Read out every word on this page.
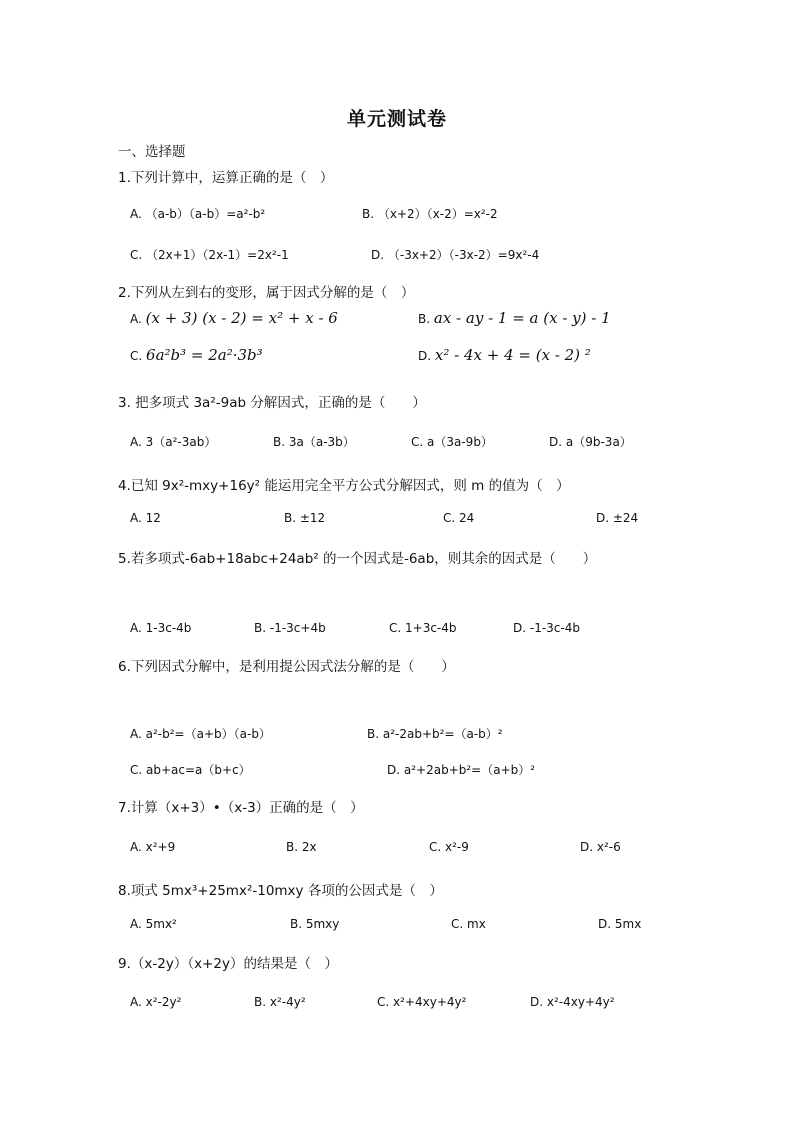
单元测试卷
一、选择题
1.下列计算中，运算正确的是（　）
A. （a-b）（a-b）=a²-b²	B. （x+2）（x-2）=x²-2
C. （2x+1）（2x-1）=2x²-1	D. （-3x+2）（-3x-2）=9x²-4
2.下列从左到右的变形，属于因式分解的是（　）
A. (x + 3) (x - 2) = x² + x - 6	B. ax - ay - 1 = a (x - y) - 1
C. 6a²b³ = 2a²·3b³	D. x² - 4x + 4 = (x - 2) ²
3. 把多项式 3a²-9ab 分解因式，正确的是（　　）
A. 3（a²-3ab）	B. 3a（a-3b）	C. a（3a-9b）	D. a（9b-3a）
4.已知 9x²-mxy+16y² 能运用完全平方公式分解因式，则 m 的值为（　）
A. 12	B. ±12	C. 24	D. ±24
5.若多项式-6ab+18abc+24ab² 的一个因式是-6ab，则其余的因式是（　　）
A. 1-3c-4b	B. -1-3c+4b	C. 1+3c-4b	D. -1-3c-4b
6.下列因式分解中，是利用提公因式法分解的是（　　）
A. a²-b²=（a+b）（a-b）	B. a²-2ab+b²=（a-b）²
C. ab+ac=a（b+c）	D. a²+2ab+b²=（a+b）²
7.计算（x+3）•（x-3）正确的是（　）
A. x²+9	B. 2x	C. x²-9	D. x²-6
8.项式 5mx³+25mx²-10mxy 各项的公因式是（　）
A. 5mx²	B. 5mxy	C. mx	D. 5mx
9.（x-2y）（x+2y）的结果是（　）
A. x²-2y²	B. x²-4y²	C. x²+4xy+4y²	D. x²-4xy+4y²
